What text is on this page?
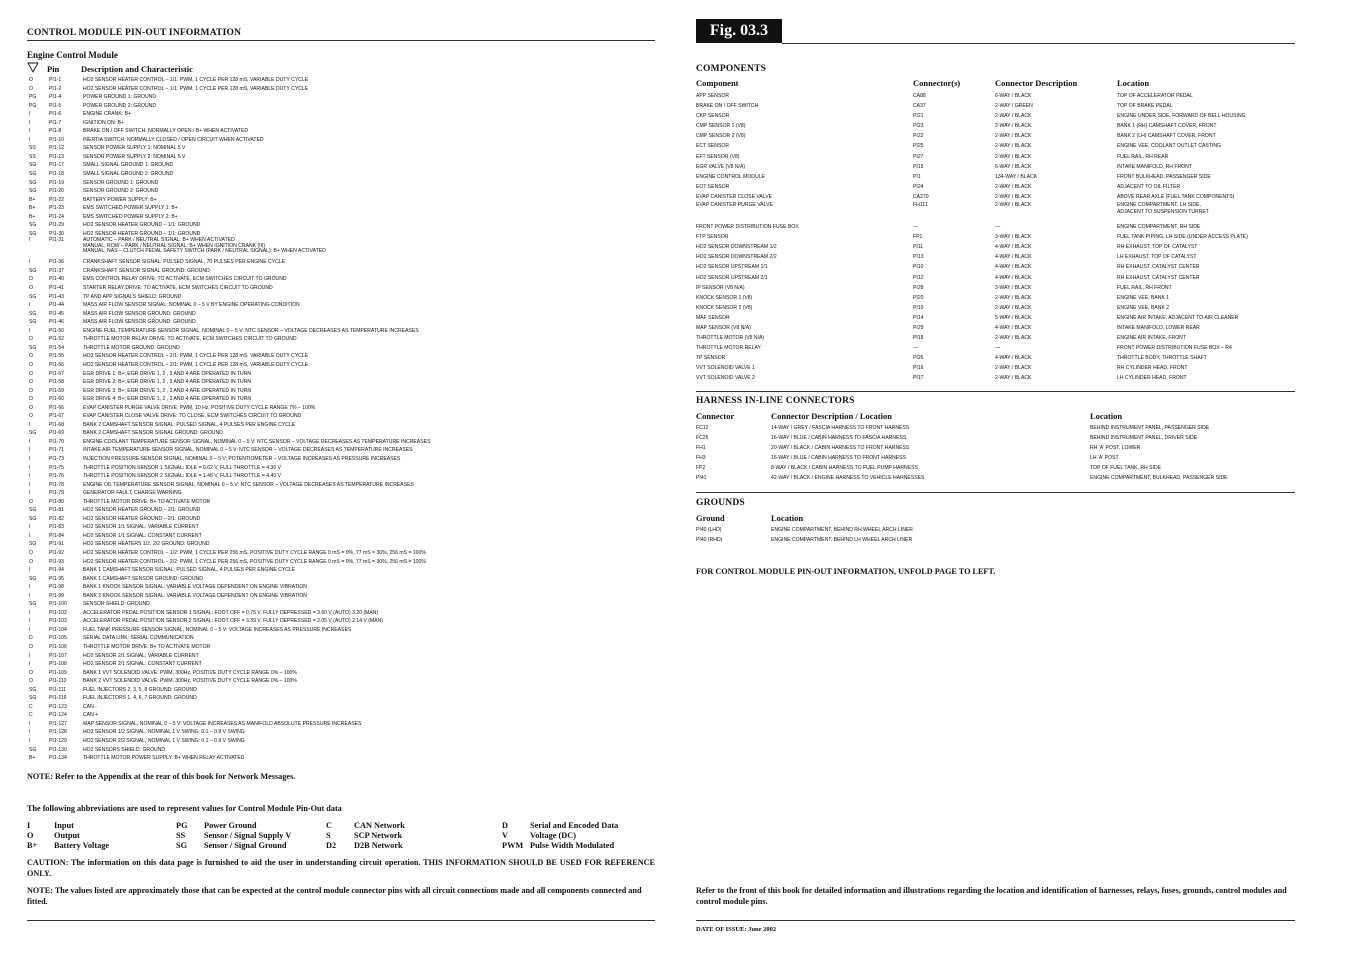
CONTROL MODULE PIN-OUT INFORMATION
Engine Control Module
Pin	Description and Characteristic
O	PI1-1	HO2 SENSOR HEATER CONTROL – 1/1: PWM, 1 CYCLE PER 128 mS, VARIABLE DUTY CYCLE
O	PI1-2	HO2 SENSOR HEATER CONTROL – 1/1: PWM, 1 CYCLE PER 128 mS, VARIABLE DUTY CYCLE
PG	PI1-4	POWER GROUND 1: GROUND
PG	PI1-5	POWER GROUND 2: GROUND
I	PI1-6	ENGINE CRANK: B+
I	PI1-7	IGNITION ON: B+
I	PI1-8	BRAKE ON / OFF SWITCH: NORMALLY OPEN / B+ WHEN ACTIVATED
I	PI1-10	INERTIA SWITCH: NORMALLY CLOSED / OPEN CIRCUIT WHEN ACTIVATED
SS	PI1-12	SENSOR POWER SUPPLY 1: NOMINAL 5 V
SS	PI1-13	SENSOR POWER SUPPLY 2: NOMINAL 5 V
SG	PI1-17	SMALL SIGNAL GROUND 1: GROUND
SG	PI1-18	SMALL SIGNAL GROUND 2: GROUND
SG	PI1-19	SENSOR GROUND 1: GROUND
SG	PI1-20	SENSOR GROUND 2: GROUND
B+	PI1-22	BATTERY POWER SUPPLY: B+
B+	PI1-23	EMS SWITCHED POWER SUPPLY 1: B+
B+	PI1-24	EMS SWITCHED POWER SUPPLY 2: B+
SG	PI1-29	HO2 SENSOR HEATER GROUND – 1/1: GROUND
SG	PI1-30	HO2 SENSOR HEATER GROUND – 1/1: GROUND
I	PI1-31	AUTOMATIC – PARK / NEUTRAL SIGNAL: B+ WHEN ACTIVATED
MANUAL, ROW – PARK / NEUTRAL SIGNAL: B+ WHEN IGNITION CRANK (III)
MANUAL, NAS – CLUTCH PEDAL SAFETY SWITCH (PARK / NEUTRAL SIGNAL): B+ WHEN ACTIVATED
I	PI1-36	CRANKSHAFT SENSOR SIGNAL: PULSED SIGNAL, 70 PULSES PER ENGINE CYCLE
SG	PI1-37	CRANKSHAFT SENSOR SIGNAL GROUND: GROUND
O	PI1-40	EMS CONTROL RELAY DRIVE: TO ACTIVATE, ECM SWITCHES CIRCUIT TO GROUND
O	PI1-41	STARTER RELAY DRIVE: TO ACTIVATE, ECM SWITCHES CIRCUIT TO GROUND
SG	PI1-43	TP AND APP SIGNALS SHIELD: GROUND
I	PI1-44	MASS AIR FLOW SENSOR SIGNAL: NOMINAL 0 – 5 V BY ENGINE OPERATING CONDITION
SG	PI1-45	MASS AIR FLOW SENSOR GROUND: GROUND
SG	PI1-46	MASS AIR FLOW SENSOR GROUND: GROUND
I	PI1-50	ENGINE FUEL TEMPERATURE SENSOR SIGNAL, NOMINAL 0 – 5 V: NTC SENSOR – VOLTAGE DECREASES AS TEMPERATURE INCREASES
O	PI1-52	THROTTLE MOTOR RELAY DRIVE: TO ACTIVATE, ECM SWITCHES CIRCUIT TO GROUND
SG	PI1-54	THROTTLE MOTOR GROUND: GROUND
O	PI1-55	HO2 SENSOR HEATER CONTROL – 2/1: PWM, 1 CYCLE PER 128 mS, VARIABLE DUTY CYCLE
O	PI1-56	HO2 SENSOR HEATER CONTROL – 2/1: PWM, 1 CYCLE PER 128 mS, VARIABLE DUTY CYCLE
O	PI1-57	EGR DRIVE 1: B+; EGR DRIVE 1, 2 , 3 AND 4 ARE OPERATED IN TURN
O	PI1-58	EGR DRIVE 2: B+; EGR DRIVE 1, 2 , 3 AND 4 ARE OPERATED IN TURN
O	PI1-59	EGR DRIVE 3: B+; EGR DRIVE 1, 2 , 3 AND 4 ARE OPERATED IN TURN
O	PI1-60	EGR DRIVE 4: B+; EGR DRIVE 1, 2 , 3 AND 4 ARE OPERATED IN TURN
O	PI1-66	EVAP CANISTER PURGE VALVE DRIVE: PWM, 10 Hz, POSITIVE DUTY CYCLE RANGE 7% – 100%
O	PI1-67	EVAP CANISTER CLOSE VALVE DRIVE: TO CLOSE, ECM SWITCHES CIRCUIT TO GROUND
I	PI1-68	BANK 2 CAMSHAFT SENSOR SIGNAL: PULSED SIGNAL, 4 PULSES PER ENGINE CYCLE
SG	PI1-69	BANK 2 CAMSHAFT SENSOR SIGNAL GROUND: GROUND
I	PI1-70	ENGINE COOLANT TEMPERATURE SENSOR SIGNAL, NOMINAL 0 – 5 V: NTC SENSOR – VOLTAGE DECREASES AS TEMPERATURE INCREASES
I	PI1-71	INTAKE AIR TEMPERATURE SENSOR SIGNAL, NOMINAL 0 – 5 V: NTC SENSOR – VOLTAGE DECREASES AS TEMPERATURE INCREASES
I	PI1-73	INJECTION PRESSURE SENSOR SIGNAL, NOMINAL 0 – 5 V: POTENTIOMETER – VOLTAGE INCREASES AS PRESSURE INCREASES
I	PI1-75	THROTTLE POSITION SENSOR 1 SIGNAL: IDLE = 0.62 V, FULL THROTTLE = 4.30 V
I	PI1-76	THROTTLE POSITION SENSOR 2 SIGNAL: IDLE = 1.48 V, FULL THROTTLE = 4.40 V
I	PI1-78	ENGINE OIL TEMPERATURE SENSOR SIGNAL, NOMINAL 0 – 5 V: NTC SENSOR – VOLTAGE DECREASES AS TEMPERATURE INCREASES
I	PI1-79	GENERATOR FAULT, CHARGE WARNING
O	PI1-80	THROTTLE MOTOR DRIVE: B+ TO ACTIVATE MOTOR
SG	PI1-81	HO2 SENSOR HEATER GROUND – 2/1: GROUND
SG	PI1-82	HO2 SENSOR HEATER GROUND – 2/1: GROUND
I	PI1-83	HO2 SENSOR 1/1 SIGNAL: VARIABLE CURRENT
I	PI1-84	HO2 SENSOR 1/1 SIGNAL: CONSTANT CURRENT
SG	PI1-91	HO2 SENSOR HEATERS 1/2, 2/2 GROUND: GROUND
O	PI1-92	HO2 SENSOR HEATER CONTROL – 1/2: PWM, 1 CYCLE PER 256 mS, POSITIVE DUTY CYCLE RANGE 0 mS = 0%, 77 mS = 30%, 256 mS = 100%
O	PI1-93	HO2 SENSOR HEATER CONTROL – 2/2: PWM, 1 CYCLE PER 256 mS, POSITIVE DUTY CYCLE RANGE 0 mS = 0%, 77 mS = 30%, 256 mS = 100%
I	PI1-94	BANK 1 CAMSHAFT SENSOR SIGNAL: PULSED SIGNAL, 4 PULSES PER ENGINE CYCLE
SG	PI1-95	BANK 1 CAMSHAFT SENSOR GROUND: GROUND
I	PI1-98	BANK 1 KNOCK SENSOR SIGNAL: VARIABLE VOLTAGE DEPENDENT ON ENGINE VIBRATION
I	PI1-99	BANK 2 KNOCK SENSOR SIGNAL: VARIABLE VOLTAGE DEPENDENT ON ENGINE VIBRATION
SG	PI1-100	SENSOR SHIELD: GROUND
I	PI1-102	ACCELERATOR PEDAL POSITION SENSOR 1 SIGNAL: FOOT OFF = 0.75 V, FULLY DEPRESSED = 3.60 V (AUTO) 3.20 (MAN)
I	PI1-103	ACCELERATOR PEDAL POSITION SENSOR 2 SIGNAL: FOOT OFF = 3.39 V, FULLY DEPRESSED = 2.05 V (AUTO) 2.14 V (MAN)
I	PI1-104	FUEL TANK PRESSURE SENSOR SIGNAL, NOMINAL 0 – 5 V: VOLTAGE INCREASES AS PRESSURE INCREASES
D	PI1-105	SERIAL DATA LINK: SERIAL COMMUNICATION
O	PI1-106	THROTTLE MOTOR DRIVE: B+ TO ACTIVATE MOTOR
I	PI1-107	HO2 SENSOR 2/1 SIGNAL: VARIABLE CURRENT
I	PI1-108	HO2 SENSOR 2/1 SIGNAL: CONSTANT CURRENT
O	PI1-109	BANK 1 VVT SOLENOID VALVE: PWM, 300Hz, POSITIVE DUTY CYCLE RANGE 0% – 100%
O	PI1-110	BANK 2 VVT SOLENOID VALVE: PWM, 300Hz, POSITIVE DUTY CYCLE RANGE 0% – 100%
SG	PI1-111	FUEL INJECTORS 2, 3, 5, 8 GROUND: GROUND
SG	PI1-116	FUEL INJECTORS 1, 4, 6, 7 GROUND: GROUND
C	PI1-123	CAN -
C	PI1-124	CAN +
I	PI1-127	MAP SENSOR SIGNAL, NOMINAL 0 – 5 V: VOLTAGE INCREASES AS MANIFOLD ABSOLUTE PRESSURE INCREASES
I	PI1-128	HO2 SENSOR 1/2 SIGNAL, NOMINAL 1 V SWING: 0.1 – 0.9 V SWING
I	PI1-129	HO2 SENSOR 2/2 SIGNAL, NOMINAL 1 V SWING: 0.1 – 0.9 V SWING
SG	PI1-130	HO2 SENSORS SHIELD: GROUND
B+	PI1-134	THROTTLE MOTOR POWER SUPPLY: B+ WHEN RELAY ACTIVATED
NOTE: Refer to the Appendix at the rear of this book for Network Messages.
The following abbreviations are used to represent values for Control Module Pin-Out data
I	Input	PG	Power Ground	C	CAN Network	D	Serial and Encoded Data
O	Output	SS	Sensor / Signal Supply V	S	SCP Network	V	Voltage (DC)
B+	Battery Voltage	SG	Sensor / Signal Ground	D2	D2B Network	PWM Pulse Width Modulated
CAUTION: The information on this data page is furnished to aid the user in understanding circuit operation. THIS INFORMATION SHOULD BE USED FOR REFERENCE ONLY.
NOTE: The values listed are approximately those that can be expected at the control module connector pins with all circuit connections made and all components connected and fitted.
Fig. 03.3
COMPONENTS
Component	Connector(s)	Connector Description	Location
APP SENSOR	CA88	6-WAY / BLACK	TOP OF ACCELERATOR PEDAL
BRAKE ON / OFF SWITCH	CA37	2-WAY / GREEN	TOP OF BRAKE PEDAL
CKP SENSOR	PI21	2-WAY / BLACK	ENGINE UNDER SIDE, FORWARD OF BELL HOUSING
CMP SENSOR 1 (V8)	PI23	2-WAY / BLACK	BANK 1 (RH) CAMSHAFT COVER, FRONT
CMP SENSOR 2 (V8)	PI22	2-WAY / BLACK	BANK 2 (LH) CAMSHAFT COVER, FRONT
ECT SENSOR	PI25	2-WAY / BLACK	ENGINE VEE, COOLANT OUTLET CASTING
EFT SENSOR (V8)	PI27	2-WAY / BLACK	FUEL RAIL, RH REAR
EGR VALVE (V8 N/A)	PI15	6-WAY / BLACK	INTAKE MANIFOLD, RH FRONT
ENGINE CONTROL MODULE	PI1	134-WAY / BLACK	FRONT BULKHEAD, PASSENGER SIDE
EOT SENSOR	PI24	2-WAY / BLACK	ADJACENT TO OIL FILTER
EVAP CANISTER CLOSE VALVE	CA270	2-WAY / BLACK	ABOVE REAR AXLE (FUEL TANK COMPONENTS)
EVAP CANISTER PURGE VALVE	FH111	2-WAY / BLACK	ENGINE COMPARTMENT, LH SIDE,
ADJACENT TO SUSPENSION TURRET
FRONT POWER DISTRIBUTION FUSE BOX	—	—	ENGINE COMPARTMENT, RH SIDE
FTP SENSOR	FP1	3-WAY / BLACK	FUEL TANK PIPING, LH SIDE (UNDER ACCESS PLATE)
HO2 SENSOR DOWNSTREAM 1/2	PI11	4-WAY / BLACK	RH EXHAUST, TOP OF CATALYST
HO2 SENSOR DOWNSTREAM 2/2	PI13	4-WAY / BLACK	LH EXHAUST, TOP OF CATALYST
HO2 SENSOR UPSTREAM 1/1	PI10	4-WAY / BLACK	RH EXHAUST, CATALYST CENTER
HO2 SENSOR UPSTREAM 2/1	PI12	4-WAY / BLACK	RH EXHAUST, CATALYST CENTER
IP SENSOR (V8 N/A)	PI28	3-WAY / BLACK	FUEL RAIL, RH FRONT
KNOCK SENSOR 1 (V8)	PI20	2-WAY / BLACK	ENGINE VEE, BANK 1
KNOCK SENSOR 2 (V8)	PI19	2-WAY / BLACK	ENGINE VEE, BANK 2
MAF SENSOR	PI14	5-WAY / BLACK	ENGINE AIR INTAKE, ADJACENT TO AIR CLEANER
MAP SENSOR (V8 N/A)	PI29	4-WAY / BLACK	INTAKE MANIFOLD, LOWER REAR
THROTTLE MOTOR (V8 N/A)	PI18	2-WAY / BLACK	ENGINE AIR INTAKE, FRONT
THROTTLE MOTOR RELAY	—	—	FRONT POWER DISTRIBUTION FUSE BOX – R4
TP SENSOR	PI26	4-WAY / BLACK	THROTTLE BODY, THROTTLE SHAFT
VVT SOLENOID VALVE 1	PI16	2-WAY / BLACK	RH CYLINDER HEAD, FRONT
VVT SOLENOID VALVE 2	PI17	2-WAY / BLACK	LH CYLINDER HEAD, FRONT
HARNESS IN-LINE CONNECTORS
Connector	Connector Description / Location	Location
FC12	14-WAY / GREY / FASCIA HARNESS TO FRONT HARNESS	BEHIND INSTRUMENT PANEL, PASSENGER SIDE
FC26	16-WAY / BLUE / CABIN HARNESS TO FASCIA HARNESS	BEHIND INSTRUMENT PANEL, DRIVER SIDE
FH1	20-WAY / BLACK / CABIN HARNESS TO FRONT HARNESS	RH 'A' POST, LOWER
FH3	16-WAY / BLUE / CABIN HARNESS TO FRONT HARNESS	LH 'A' POST
FP2	8-WAY / BLACK / CABIN HARNESS TO FUEL PUMP HARNESS	TOP OF FUEL TANK, RH SIDE
PI41	42-WAY / BLACK / ENGINE HARNESS TO VEHICLE HARNESSES	ENGINE COMPARTMENT, BULKHEAD, PASSENGER SIDE
GROUNDS
Ground	Location
PI40 (LHD)	ENGINE COMPARTMENT, BEHIND RH WHEEL ARCH LINER
PI40 (RHD)	ENGINE COMPARTMENT, BEHIND LH WHEEL ARCH LINER
FOR CONTROL MODULE PIN-OUT INFORMATION, UNFOLD PAGE TO LEFT.
Refer to the front of this book for detailed information and illustrations regarding the location and identification of harnesses, relays, fuses, grounds, control modules and control module pins.
DATE OF ISSUE: June 2002
